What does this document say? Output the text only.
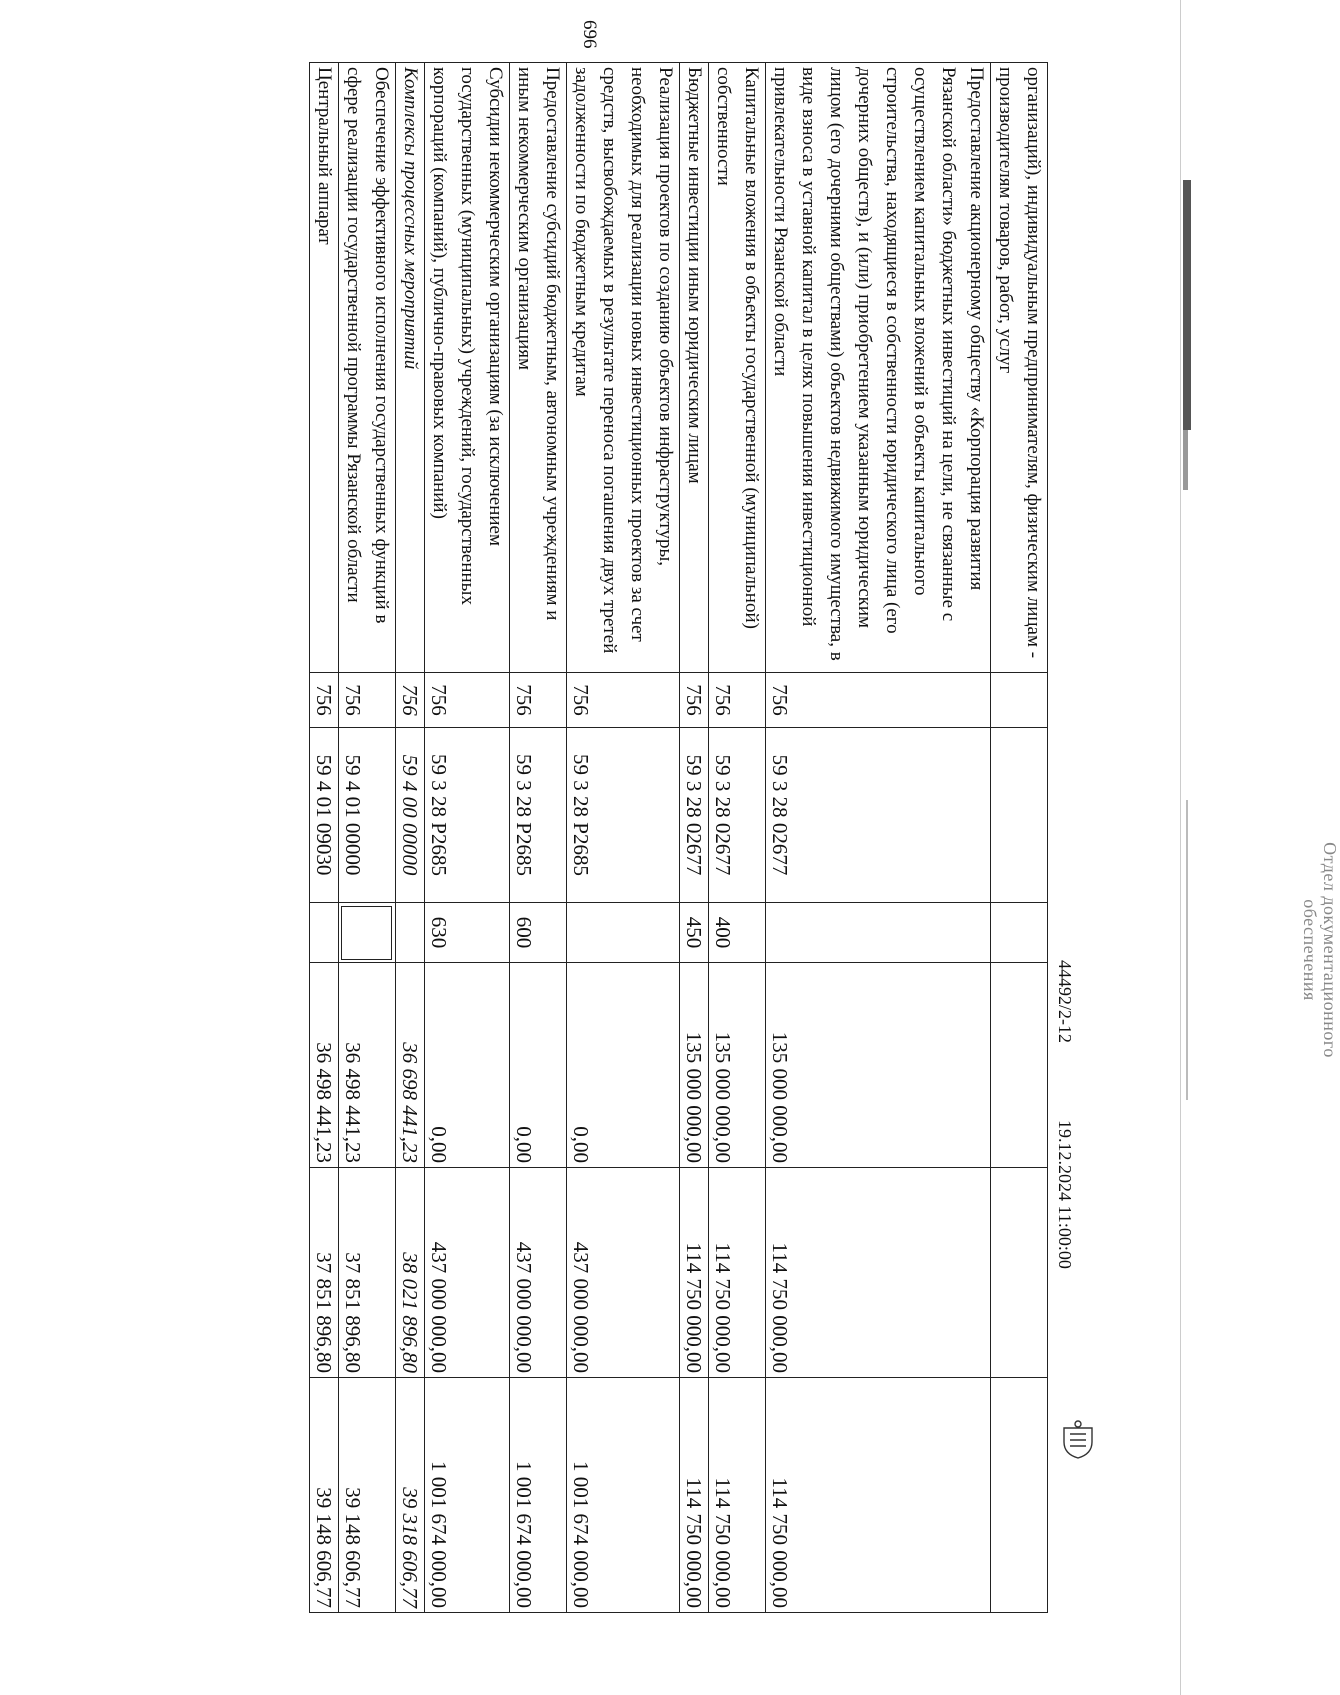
696
организаций), индивидуальным предпринимателям, физическим лицам - производителям товаров, работ, услуг						
Предоставление акционерному обществу «Корпорация развития Рязанской области» бюджетных инвестиций на цели, не связанные с осуществлением капитальных вложений в объекты капитального строительства, находящиеся в собственности юридического лица (его дочерних обществ), и (или) приобретением указанным юридическим лицом (его дочерними обществами) объектов недвижимого имущества, в виде взноса в уставной капитал в целях повышения инвестиционной привлекательности Рязанской области	756	59 3 28 02677		135 000 000,00	114 750 000,00	114 750 000,00
Капитальные вложения в объекты государственной (муниципальной) собственности	756	59 3 28 02677	400	135 000 000,00	114 750 000,00	114 750 000,00
Бюджетные инвестиции иным юридическим лицам	756	59 3 28 02677	450	135 000 000,00	114 750 000,00	114 750 000,00
Реализация проектов по созданию объектов инфраструктуры, необходимых для реализации новых инвестиционных проектов за счет средств, высвобождаемых в результате переноса погашения двух третей задолженности по бюджетным кредитам	756	59 3 28 Р2685		0,00	437 000 000,00	1 001 674 000,00
Предоставление субсидий бюджетным, автономным учреждениям и иным некоммерческим организациям	756	59 3 28 Р2685	600	0,00	437 000 000,00	1 001 674 000,00
Субсидии некоммерческим организациям (за исключением государственных (муниципальных) учреждений, государственных корпораций (компаний), публично-правовых компаний)	756	59 3 28 Р2685	630	0,00	437 000 000,00	1 001 674 000,00
Комплексы процессных мероприятий	756	59 4 00 00000		36 698 441,23	38 021 896,80	39 318 606,77
Обеспечение эффективного исполнения государственных функций в сфере реализации государственной программы Рязанской области	756	59 4 01 00000		36 498 441,23	37 851 896,80	39 148 606,77
Центральный аппарат	756	59 4 01 09030		36 498 441,23	37 851 896,80	39 148 606,77
Отдел документационного
обеспечения
19.12.2024 11:00:00
44492/2-12
